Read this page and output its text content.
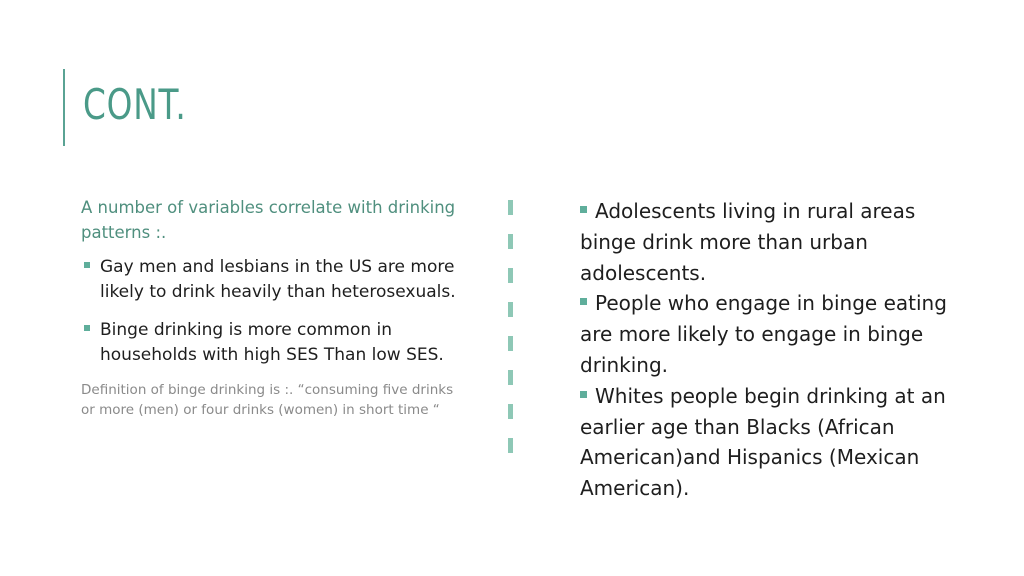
CONT.
A number of variables correlate with drinking patterns :.
Gay men and lesbians in the US are more likely to drink heavily than heterosexuals.
Binge drinking is more common in households with high SES Than low SES.
Definition of binge drinking is :. “consuming five drinks or more (men) or four drinks (women) in short time “
Adolescents living in rural areas binge drink more than urban adolescents.
People who engage in binge eating are more likely to engage in binge drinking.
Whites people begin drinking at an earlier age than Blacks (African American)and Hispanics (Mexican American).
